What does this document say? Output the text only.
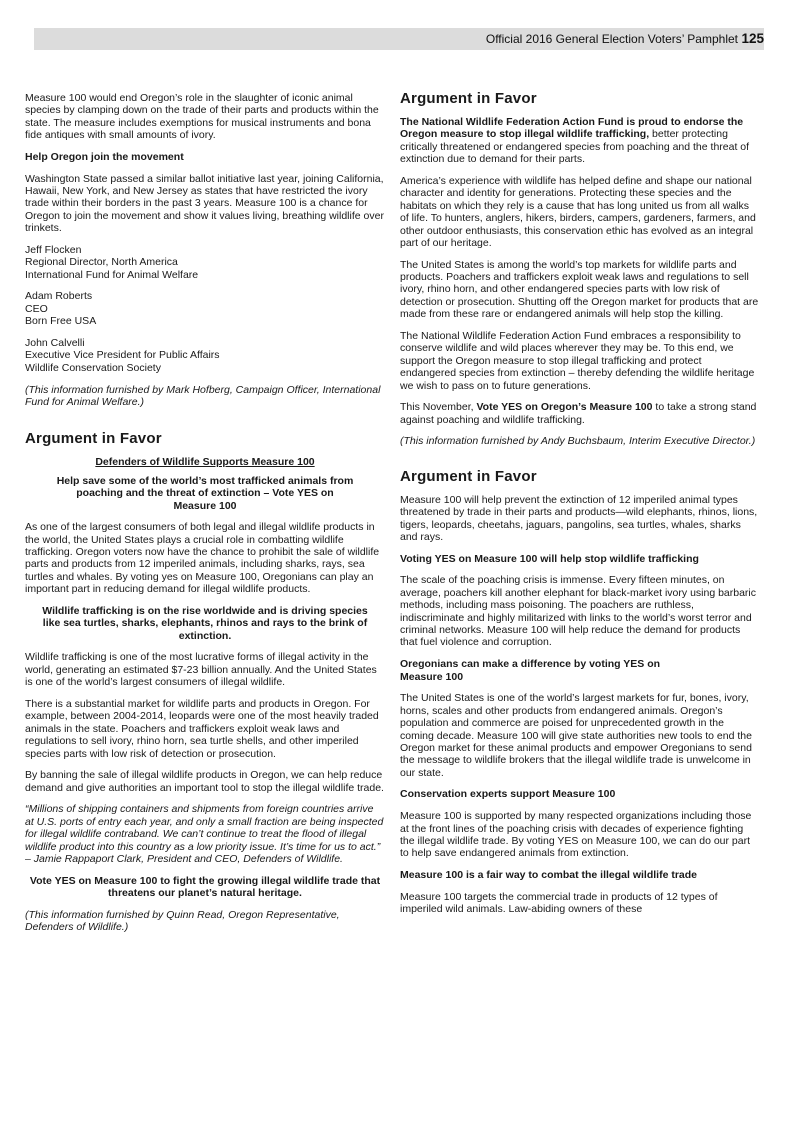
Official 2016 General Election Voters’ Pamphlet 125

Measure 100 would end Oregon’s role in the slaughter of iconic animal species by clamping down on the trade of their parts and products within the state. The measure includes exemptions for musical instruments and bona fide antiques with small amounts of ivory.

Help Oregon join the movement

Washington State passed a similar ballot initiative last year, joining California, Hawaii, New York, and New Jersey as states that have restricted the ivory trade within their borders in the past 3 years. Measure 100 is a chance for Oregon to join the movement and show it values living, breathing wildlife over trinkets.

Jeff Flocken

Regional Director, North America

International Fund for Animal Welfare

Adam Roberts

CEO

Born Free USA

John Calvelli

Executive Vice President for Public Affairs

Wildlife Conservation Society

(This information furnished by Mark Hofberg, Campaign Officer, International Fund for Animal Welfare.)

Argument in Favor

Defenders of Wildlife Supports Measure 100

Help save some of the world’s most trafficked animals from poaching and the threat of extinction – Vote YES on Measure 100

As one of the largest consumers of both legal and illegal wildlife products in the world, the United States plays a crucial role in combatting wildlife trafficking. Oregon voters now have the chance to prohibit the sale of wildlife parts and products from 12 imperiled animals, including sharks, rays, sea turtles and whales. By voting yes on Measure 100, Oregonians can play an important part in reducing demand for illegal wildlife products.

Wildlife trafficking is on the rise worldwide and is driving species like sea turtles, sharks, elephants, rhinos and rays to the brink of extinction.

Wildlife trafficking is one of the most lucrative forms of illegal activity in the world, generating an estimated $7-23 billion annually. And the United States is one of the world’s largest consumers of illegal wildlife.

There is a substantial market for wildlife parts and products in Oregon. For example, between 2004-2014, leopards were one of the most heavily traded animals in the state. Poachers and traffickers exploit weak laws and regulations to sell ivory, rhino horn, sea turtle shells, and other imperiled species parts with low risk of detection or prosecution.

By banning the sale of illegal wildlife products in Oregon, we can help reduce demand and give authorities an important tool to stop the illegal wildlife trade.

“Millions of shipping containers and shipments from foreign countries arrive at U.S. ports of entry each year, and only a small fraction are being inspected for illegal wildlife contraband. We can’t continue to treat the flood of illegal wildlife product into this country as a low priority issue. It’s time for us to act.”

– Jamie Rappaport Clark, President and CEO, Defenders of Wildlife.

Vote YES on Measure 100 to fight the growing illegal wildlife trade that threatens our planet’s natural heritage.

(This information furnished by Quinn Read, Oregon Representative, Defenders of Wildlife.)

Argument in Favor

The National Wildlife Federation Action Fund is proud to endorse the Oregon measure to stop illegal wildlife trafficking, better protecting critically threatened or endangered species from poaching and the threat of extinction due to demand for their parts.

America’s experience with wildlife has helped define and shape our national character and identity for generations. Protecting these species and the habitats on which they rely is a cause that has long united us from all walks of life. To hunters, anglers, hikers, birders, campers, gardeners, farmers, and other outdoor enthusiasts, this conservation ethic has evolved as an integral part of our heritage.

The United States is among the world’s top markets for wildlife parts and products. Poachers and traffickers exploit weak laws and regulations to sell ivory, rhino horn, and other endangered species parts with low risk of detection or prosecution. Shutting off the Oregon market for products that are made from these rare or endangered animals will help stop the killing.

The National Wildlife Federation Action Fund embraces a responsibility to conserve wildlife and wild places wherever they may be. To this end, we support the Oregon measure to stop illegal trafficking and protect endangered species from extinction – thereby defending the wildlife heritage we wish to pass on to future generations.

This November, Vote YES on Oregon’s Measure 100 to take a strong stand against poaching and wildlife trafficking.

(This information furnished by Andy Buchsbaum, Interim Executive Director.)

Argument in Favor

Measure 100 will help prevent the extinction of 12 imperiled animal types threatened by trade in their parts and products—wild elephants, rhinos, lions, tigers, leopards, cheetahs, jaguars, pangolins, sea turtles, whales, sharks and rays.

Voting YES on Measure 100 will help stop wildlife trafficking

The scale of the poaching crisis is immense. Every fifteen minutes, on average, poachers kill another elephant for black-market ivory using barbaric methods, including mass poisoning. The poachers are ruthless, indiscriminate and highly militarized with links to the world’s worst terror and criminal networks. Measure 100 will help reduce the demand for products that fuel violence and corruption.

Oregonians can make a difference by voting YES on Measure 100

The United States is one of the world’s largest markets for fur, bones, ivory, horns, scales and other products from endangered animals. Oregon’s population and commerce are poised for unprecedented growth in the coming decade. Measure 100 will give state authorities new tools to end the Oregon market for these animal products and empower Oregonians to send the message to wildlife brokers that the illegal wildlife trade is unwelcome in our state.

Conservation experts support Measure 100

Measure 100 is supported by many respected organizations including those at the front lines of the poaching crisis with decades of experience fighting the illegal wildlife trade. By voting YES on Measure 100, we can do our part to help save endangered animals from extinction.

Measure 100 is a fair way to combat the illegal wildlife trade

Measure 100 targets the commercial trade in products of 12 types of imperiled wild animals. Law-abiding owners of these
